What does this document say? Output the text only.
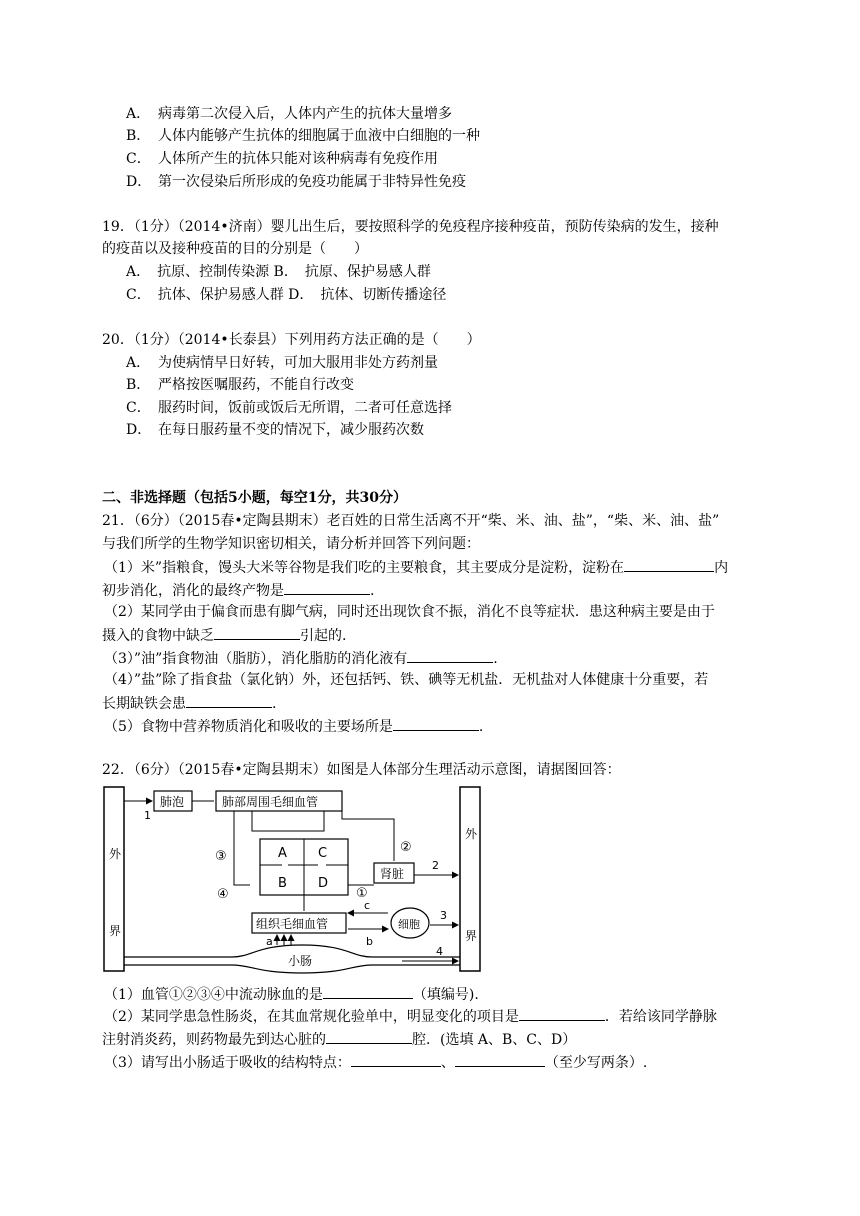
A． 病毒第二次侵入后，人体内产生的抗体大量增多
B． 人体内能够产生抗体的细胞属于血液中白细胞的一种
C． 人体所产生的抗体只能对该种病毒有免疫作用
D． 第一次侵染后所形成的免疫功能属于非特异性免疫
19．（1分）（2014•济南）婴儿出生后，要按照科学的免疫程序接种疫苗，预防传染病的发生，接种
的疫苗以及接种疫苗的目的分别是（　　）
A．　抗原、控制传染源 B．　抗原、保护易感人群
C．　抗体、保护易感人群 D．　抗体、切断传播途径
20．（1分）（2014•长泰县）下列用药方法正确的是（　　）
A． 为使病情早日好转，可加大服用非处方药剂量
B． 严格按医嘱服药，不能自行改变
C． 服药时间，饭前或饭后无所谓，二者可任意选择
D． 在每日服药量不变的情况下，减少服药次数
二、非选择题（包括5小题，每空1分，共30分）
21．（6分）（2015春•定陶县期末）老百姓的日常生活离不开“柴、米、油、盐”，“柴、米、油、盐”
与我们所学的生物学知识密切相关，请分析并回答下列问题：
（1）米”指粮食，馒头大米等谷物是我们吃的主要粮食，其主要成分是淀粉，淀粉在	内
初步消化，消化的最终产物是	.
（2）某同学由于偏食而患有脚气病，同时还出现饮食不振，消化不良等症状．患这种病主要是由于
摄入的食物中缺乏	引起的.
（3）”油”指食物油（脂肪），消化脂肪的消化液有	.
（4）”盐”除了指食盐（氯化钠）外，还包括钙、铁、碘等无机盐．无机盐对人体健康十分重要，若
长期缺铁会患	.
（5）食物中营养物质消化和吸收的主要场所是	.
22．（6分）（2015春•定陶县期末）如图是人体部分生理活动示意图，请据图回答：
外
界
外
界
肺泡	肺部周围毛细血管
1
③
④
A
B
C
D
肾脏
②
2
①
组织毛细血管	细胞
c
b
3
小肠
a
4
（1）血管①②③④中流动脉血的是	（填编号).
（2）某同学患急性肠炎，在其血常规化验单中，明显变化的项目是	．若给该同学静脉
注射消炎药，则药物最先到达心脏的	腔．(选填 A、B、C、D）
（3）请写出小肠适于吸收的结构特点：	、	（至少写两条）.
